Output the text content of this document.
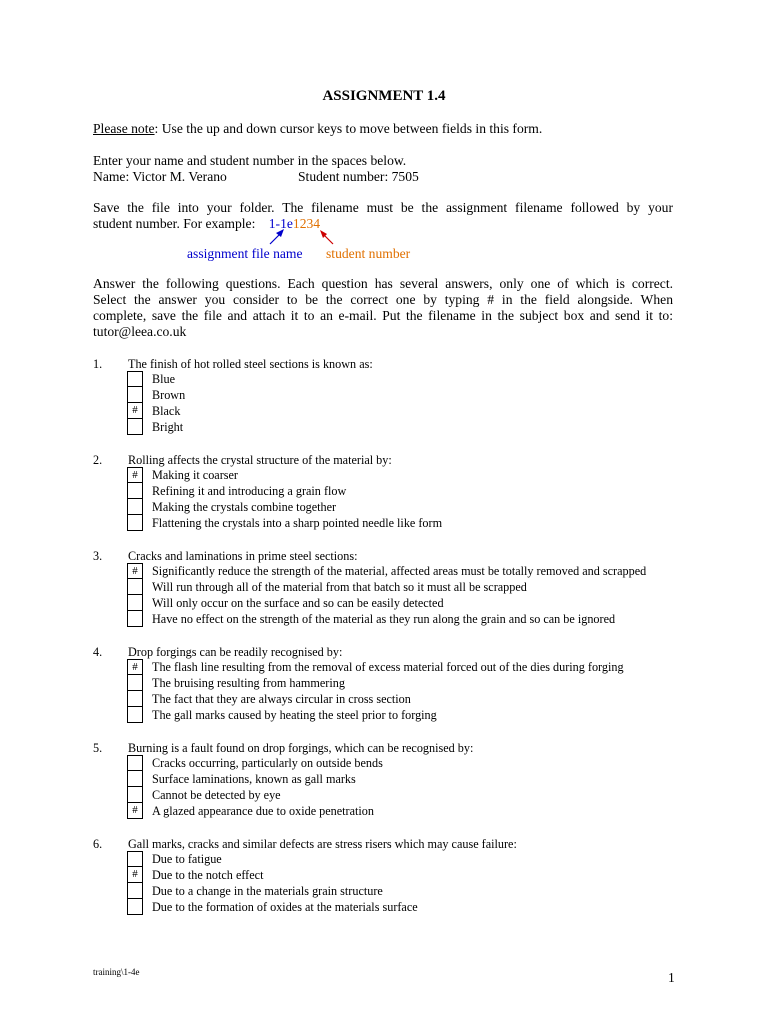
ASSIGNMENT 1.4
Please note: Use the up and down cursor keys to move between fields in this form.
Enter your name and student number in the spaces below.
Name: Victor M. Verano	Student number: 7505
Save the file into your folder. The filename must be the assignment filename followed by your
student number. For example: 1-1e1234
assignment file name student number
Answer the following questions. Each question has several answers, only one of which is correct.
Select the answer you consider to be the correct one by typing # in the field alongside. When
complete, save the file and attach it to an e-mail. Put the filename in the subject box and send it to:
tutor@leea.co.uk
1. The finish of hot rolled steel sections is known as:
Blue
Brown
#	Black
Bright
2. Rolling affects the crystal structure of the material by:
#	Making it coarser
Refining it and introducing a grain flow
Making the crystals combine together
Flattening the crystals into a sharp pointed needle like form
3. Cracks and laminations in prime steel sections:
#	Significantly reduce the strength of the material, affected areas must be totally removed and scrapped
Will run through all of the material from that batch so it must all be scrapped
Will only occur on the surface and so can be easily detected
Have no effect on the strength of the material as they run along the grain and so can be ignored
4. Drop forgings can be readily recognised by:
#	The flash line resulting from the removal of excess material forced out of the dies during forging
The bruising resulting from hammering
The fact that they are always circular in cross section
The gall marks caused by heating the steel prior to forging
5. Burning is a fault found on drop forgings, which can be recognised by:
Cracks occurring, particularly on outside bends
Surface laminations, known as gall marks
Cannot be detected by eye
#	A glazed appearance due to oxide penetration
6. Gall marks, cracks and similar defects are stress risers which may cause failure:
Due to fatigue
#	Due to the notch effect
Due to a change in the materials grain structure
Due to the formation of oxides at the materials surface
training\1-4e	1
